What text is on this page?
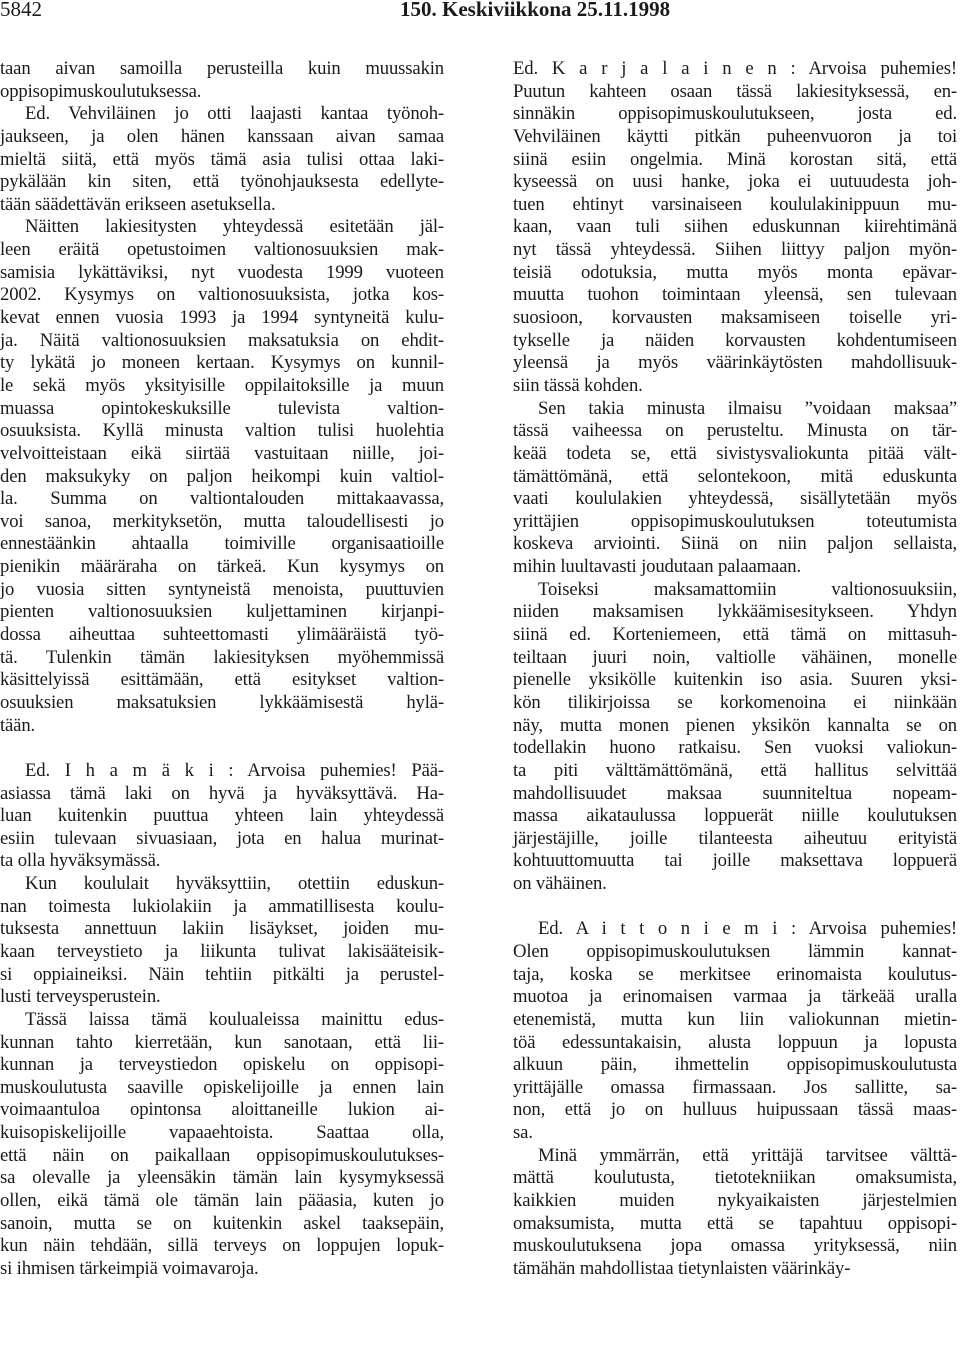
5842	150. Keskiviikkona 25.11.1998
taan aivan samoilla perusteilla kuin muussakin
oppisopimuskoulutuksessa.
Ed. Vehviläinen jo otti laajasti kantaa työnoh-
jaukseen, ja olen hänen kanssaan aivan samaa
mieltä siitä, että myös tämä asia tulisi ottaa laki-
pykälään kin siten, että työnohjauksesta edellyte-
tään säädettävän erikseen asetuksella.
Näitten lakiesitysten yhteydessä esitetään jäl-
leen eräitä opetustoimen valtionosuuksien mak-
samisia lykättäviksi, nyt vuodesta 1999 vuoteen
2002. Kysymys on valtionosuuksista, jotka kos-
kevat ennen vuosia 1993 ja 1994 syntyneitä kulu-
ja. Näitä valtionosuuksien maksatuksia on ehdit-
ty lykätä jo moneen kertaan. Kysymys on kunnil-
le sekä myös yksityisille oppilaitoksille ja muun
muassa opintokeskuksille tulevista valtion-
osuuksista. Kyllä minusta valtion tulisi huolehtia
velvoitteistaan eikä siirtää vastuitaan niille, joi-
den maksukyky on paljon heikompi kuin valtiol-
la. Summa on valtiontalouden mittakaavassa,
voi sanoa, merkityksetön, mutta taloudellisesti jo
ennestäänkin ahtaalla toimiville organisaatioille
pienikin määräraha on tärkeä. Kun kysymys on
jo vuosia sitten syntyneistä menoista, puuttuvien
pienten valtionosuuksien kuljettaminen kirjanpi-
dossa aiheuttaa suhteettomasti ylimääräistä työ-
tä. Tulenkin tämän lakiesityksen myöhemmissä
käsittelyissä esittämään, että esitykset valtion-
osuuksien maksatuksien lykkäämisestä hylä-
tään.
Ed. I h a m ä k i : Arvoisa puhemies! Pää-
asiassa tämä laki on hyvä ja hyväksyttävä. Ha-
luan kuitenkin puuttua yhteen lain yhteydessä
esiin tulevaan sivuasiaan, jota en halua murinat-
ta olla hyväksymässä.
Kun koululait hyväksyttiin, otettiin eduskun-
nan toimesta lukiolakiin ja ammatillisesta koulu-
tuksesta annettuun lakiin lisäykset, joiden mu-
kaan terveystieto ja liikunta tulivat lakisääteisik-
si oppiaineiksi. Näin tehtiin pitkälti ja perustel-
lusti terveysperustein.
Tässä laissa tämä koulualeissa mainittu edus-
kunnan tahto kierretään, kun sanotaan, että lii-
kunnan ja terveystiedon opiskelu on oppisopi-
muskoulutusta saaville opiskelijoille ja ennen lain
voimaantuloa opintonsa aloittaneille lukion ai-
kuisopiskelijoille vapaaehtoista. Saattaa olla,
että näin on paikallaan oppisopimuskoulutukses-
sa olevalle ja yleensäkin tämän lain kysymyksessä
ollen, eikä tämä ole tämän lain pääasia, kuten jo
sanoin, mutta se on kuitenkin askel taaksepäin,
kun näin tehdään, sillä terveys on loppujen lopuk-
si ihmisen tärkeimpiä voimavaroja.
Ed. K a r j a l a i n e n : Arvoisa puhemies!
Puutun kahteen osaan tässä lakiesityksessä, en-
sinnäkin oppisopimuskoulutukseen, josta ed.
Vehviläinen käytti pitkän puheenvuoron ja toi
siinä esiin ongelmia. Minä korostan sitä, että
kyseessä on uusi hanke, joka ei uutuudesta joh-
tuen ehtinyt varsinaiseen koululakinippuun mu-
kaan, vaan tuli siihen eduskunnan kiirehtimänä
nyt tässä yhteydessä. Siihen liittyy paljon myön-
teisiä odotuksia, mutta myös monta epävar-
muutta tuohon toimintaan yleensä, sen tulevaan
suosioon, korvausten maksamiseen toiselle yri-
tykselle ja näiden korvausten kohdentumiseen
yleensä ja myös väärinkäytösten mahdollisuuk-
siin tässä kohden.
Sen takia minusta ilmaisu ”voidaan maksaa”
tässä vaiheessa on perusteltu. Minusta on tär-
keää todeta se, että sivistysvaliokunta pitää vält-
tämättömänä, että selontekoon, mitä eduskunta
vaati koululakien yhteydessä, sisällytetään myös
yrittäjien oppisopimuskoulutuksen toteutumista
koskeva arviointi. Siinä on niin paljon sellaista,
mihin luultavasti joudutaan palaamaan.
Toiseksi maksamattomiin valtionosuuksiin,
niiden maksamisen lykkäämisesitykseen. Yhdyn
siinä ed. Korteniemeen, että tämä on mittasuh-
teiltaan juuri noin, valtiolle vähäinen, monelle
pienelle yksikölle kuitenkin iso asia. Suuren yksi-
kön tilikirjoissa se korkomenoina ei niinkään
näy, mutta monen pienen yksikön kannalta se on
todellakin huono ratkaisu. Sen vuoksi valiokun-
ta piti välttämättömänä, että hallitus selvittää
mahdollisuudet maksaa suunniteltua nopeam-
massa aikataulussa loppuerät niille koulutuksen
järjestäjille, joille tilanteesta aiheutuu erityistä
kohtuuttomuutta tai joille maksettava loppuerä
on vähäinen.
Ed. A i t t o n i e m i : Arvoisa puhemies!
Olen oppisopimuskoulutuksen lämmin kannat-
taja, koska se merkitsee erinomaista koulutus-
muotoa ja erinomaisen varmaa ja tärkeää uralla
etenemistä, mutta kun liin valiokunnan mietin-
töä edessuntakaisin, alusta loppuun ja lopusta
alkuun päin, ihmettelin oppisopimuskoulutusta
yrittäjälle omassa firmassaan. Jos sallitte, sa-
non, että jo on hulluus huipussaan tässä maas-
sa.
Minä ymmärrän, että yrittäjä tarvitsee välttä-
mättä koulutusta, tietotekniikan omaksumista,
kaikkien muiden nykyaikaisten järjestelmien
omaksumista, mutta että se tapahtuu oppisopi-
muskoulutuksena jopa omassa yrityksessä, niin
tämähän mahdollistaa tietynlaisten väärinkäy-
